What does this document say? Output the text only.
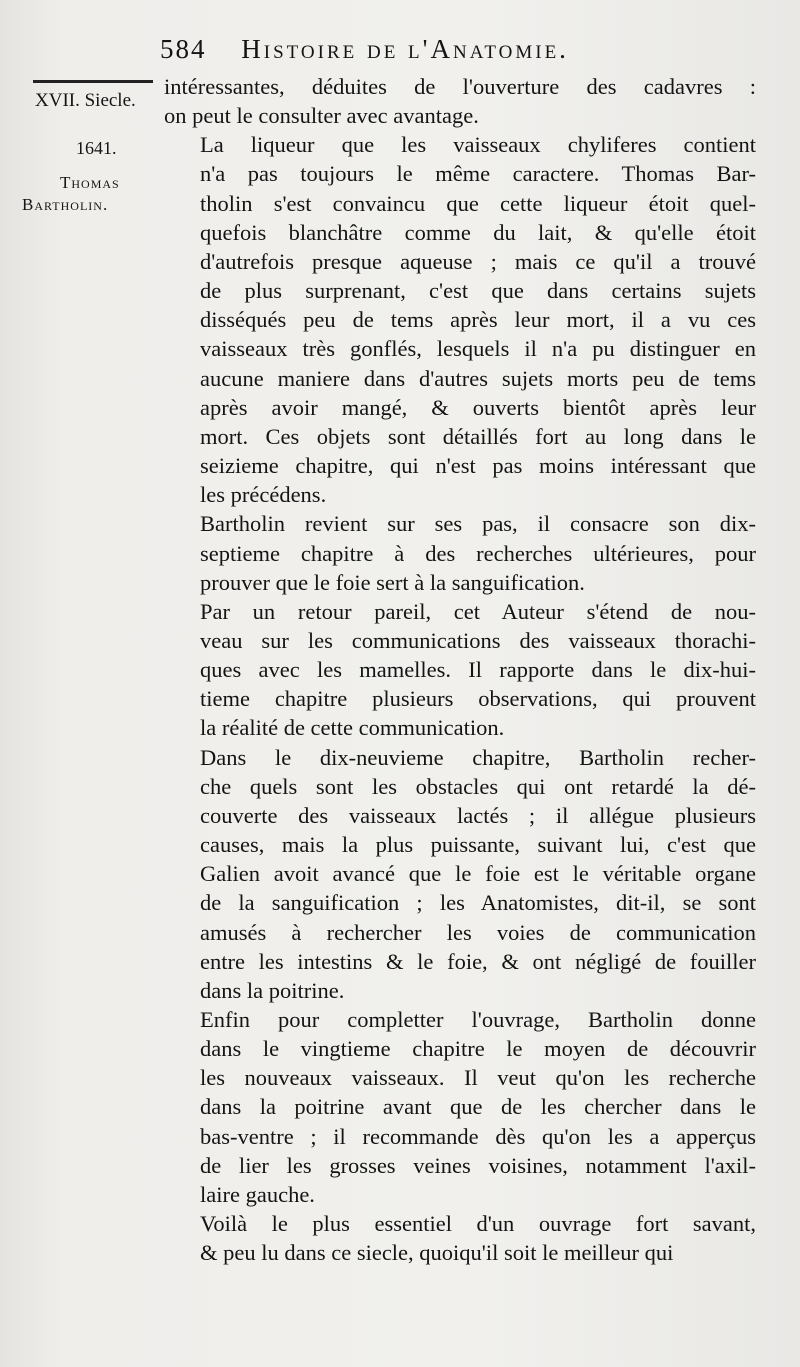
584 Histoire de l'Anatomie.
XVII. Siecle.
1641.
Thomas
Bartholin.

intéressantes, déduites de l'ouverture des cadavres :
on peut le consulter avec avantage.

La liqueur que les vaisseaux chyliferes contient
n'a pas toujours le même caractere. Thomas Bar-
tholin s'est convaincu que cette liqueur étoit quel-
quefois blanchâtre comme du lait, & qu'elle étoit
d'autrefois presque aqueuse ; mais ce qu'il a trouvé
de plus surprenant, c'est que dans certains sujets
disséqués peu de tems après leur mort, il a vu ces
vaisseaux très gonflés, lesquels il n'a pu distinguer en
aucune maniere dans d'autres sujets morts peu de tems
après avoir mangé, & ouverts bientôt après leur
mort. Ces objets sont détaillés fort au long dans le
seizieme chapitre, qui n'est pas moins intéressant que
les précédens.

Bartholin revient sur ses pas, il consacre son dix-
septieme chapitre à des recherches ultérieures, pour
prouver que le foie sert à la sanguification.

Par un retour pareil, cet Auteur s'étend de nou-
veau sur les communications des vaisseaux thorachi-
ques avec les mamelles. Il rapporte dans le dix-hui-
tieme chapitre plusieurs observations, qui prouvent
la réalité de cette communication.

Dans le dix-neuvieme chapitre, Bartholin recher-
che quels sont les obstacles qui ont retardé la dé-
couverte des vaisseaux lactés ; il allégue plusieurs
causes, mais la plus puissante, suivant lui, c'est que
Galien avoit avancé que le foie est le véritable organe
de la sanguification ; les Anatomistes, dit-il, se sont
amusés à rechercher les voies de communication
entre les intestins & le foie, & ont négligé de fouiller
dans la poitrine.

Enfin pour completter l'ouvrage, Bartholin donne
dans le vingtieme chapitre le moyen de découvrir
les nouveaux vaisseaux. Il veut qu'on les recherche
dans la poitrine avant que de les chercher dans le
bas-ventre ; il recommande dès qu'on les a apperçus
de lier les grosses veines voisines, notamment l'axil-
laire gauche.

Voilà le plus essentiel d'un ouvrage fort savant,
& peu lu dans ce siecle, quoiqu'il soit le meilleur qui
